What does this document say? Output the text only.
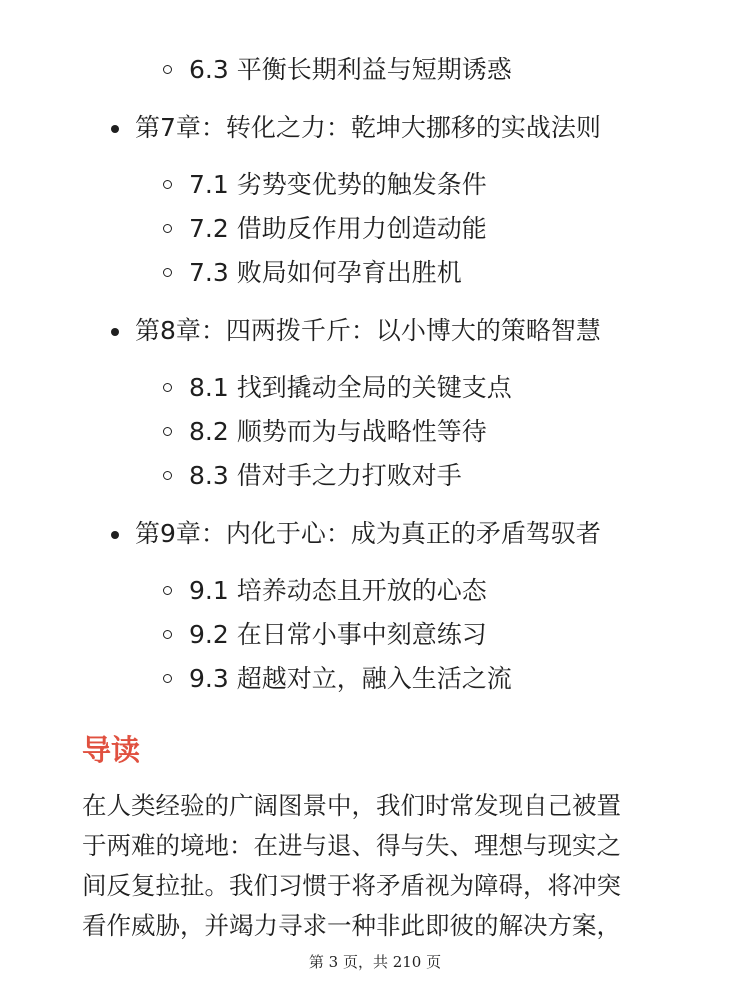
6.3 平衡长期利益与短期诱惑
第7章：转化之力：乾坤大挪移的实战法则
7.1 劣势变优势的触发条件
7.2 借助反作用力创造动能
7.3 败局如何孕育出胜机
第8章：四两拨千斤：以小博大的策略智慧
8.1 找到撬动全局的关键支点
8.2 顺势而为与战略性等待
8.3 借对手之力打败对手
第9章：内化于心：成为真正的矛盾驾驭者
9.1 培养动态且开放的心态
9.2 在日常小事中刻意练习
9.3 超越对立，融入生活之流
导读

在人类经验的广阔图景中，我们时常发现自己被置
于两难的境地：在进与退、得与失、理想与现实之
间反复拉扯。我们习惯于将矛盾视为障碍，将冲突
看作威胁，并竭力寻求一种非此即彼的解决方案，

第 3 页，共 210 页
